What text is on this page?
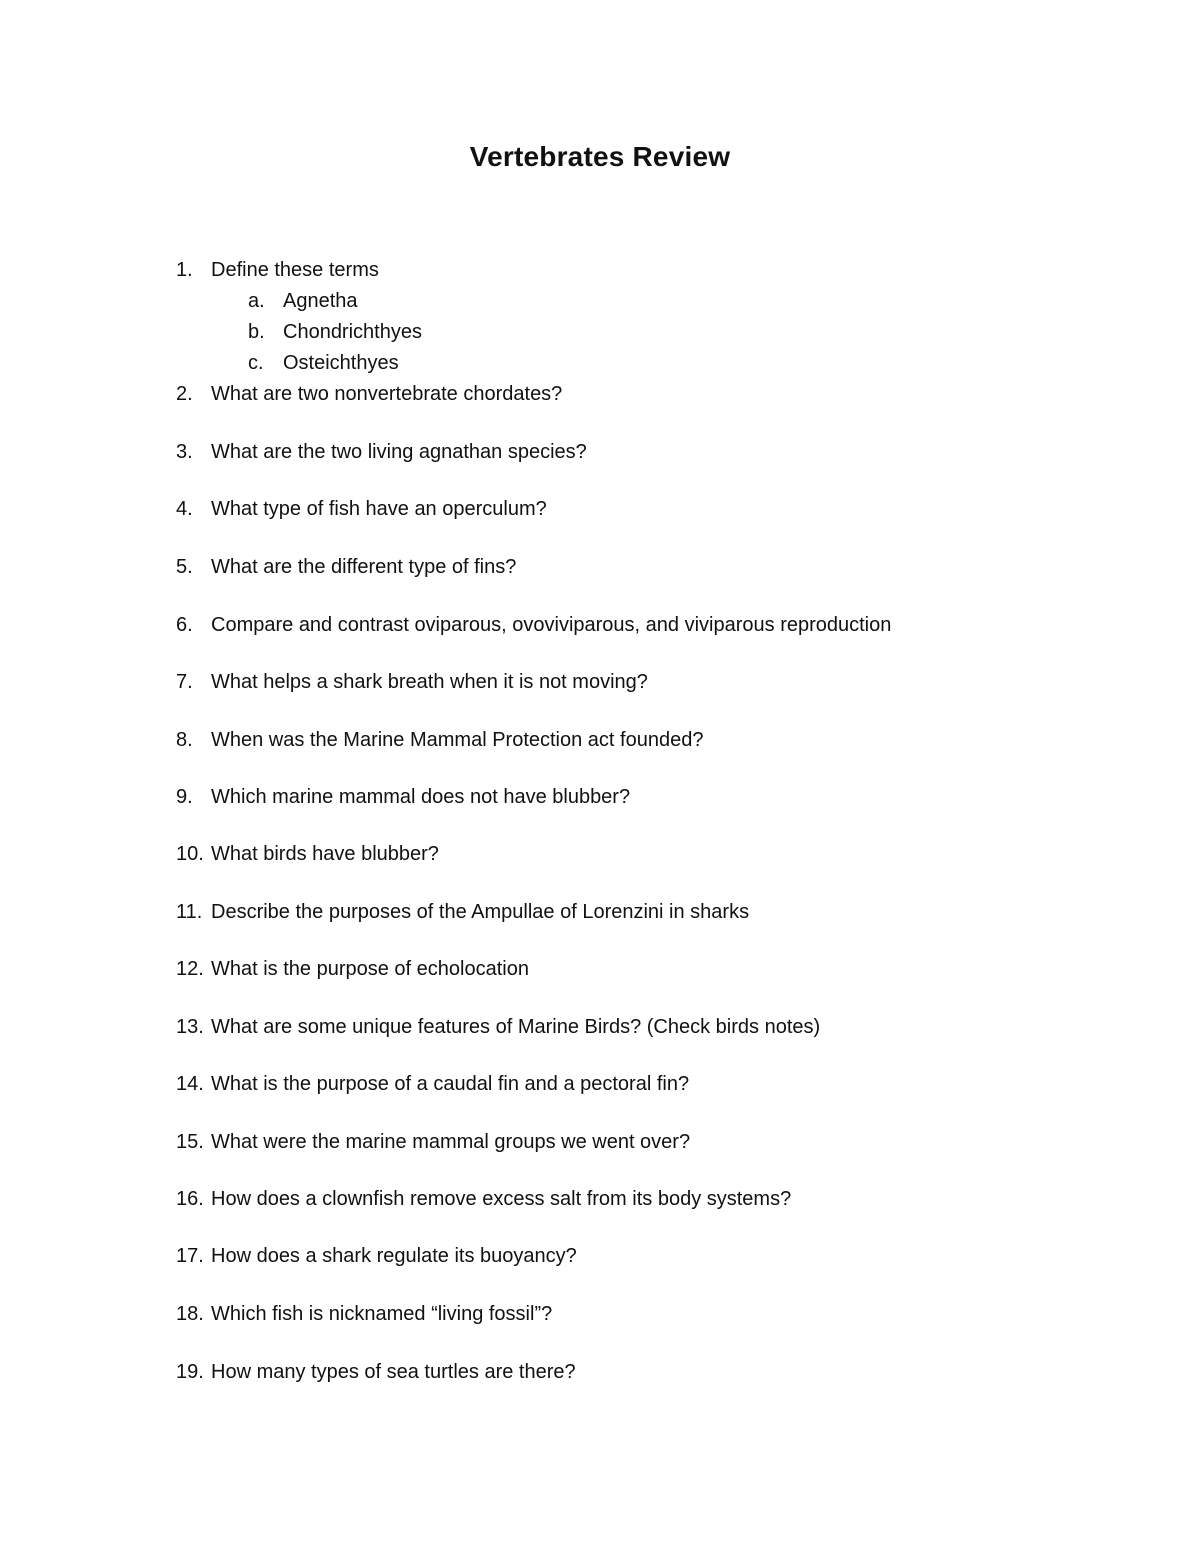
Vertebrates Review
1. Define these terms
a. Agnetha
b. Chondrichthyes
c. Osteichthyes
2. What are two nonvertebrate chordates?
3. What are the two living agnathan species?
4. What type of fish have an operculum?
5. What are the different type of fins?
6. Compare and contrast oviparous, ovoviviparous, and viviparous reproduction
7. What helps a shark breath when it is not moving?
8. When was the Marine Mammal Protection act founded?
9. Which marine mammal does not have blubber?
10. What birds have blubber?
11. Describe the purposes of the Ampullae of Lorenzini in sharks
12. What is the purpose of echolocation
13. What are some unique features of Marine Birds? (Check birds notes)
14. What is the purpose of a caudal fin and a pectoral fin?
15. What were the marine mammal groups we went over?
16. How does a clownfish remove excess salt from its body systems?
17. How does a shark regulate its buoyancy?
18. Which fish is nicknamed “living fossil”?
19. How many types of sea turtles are there?
